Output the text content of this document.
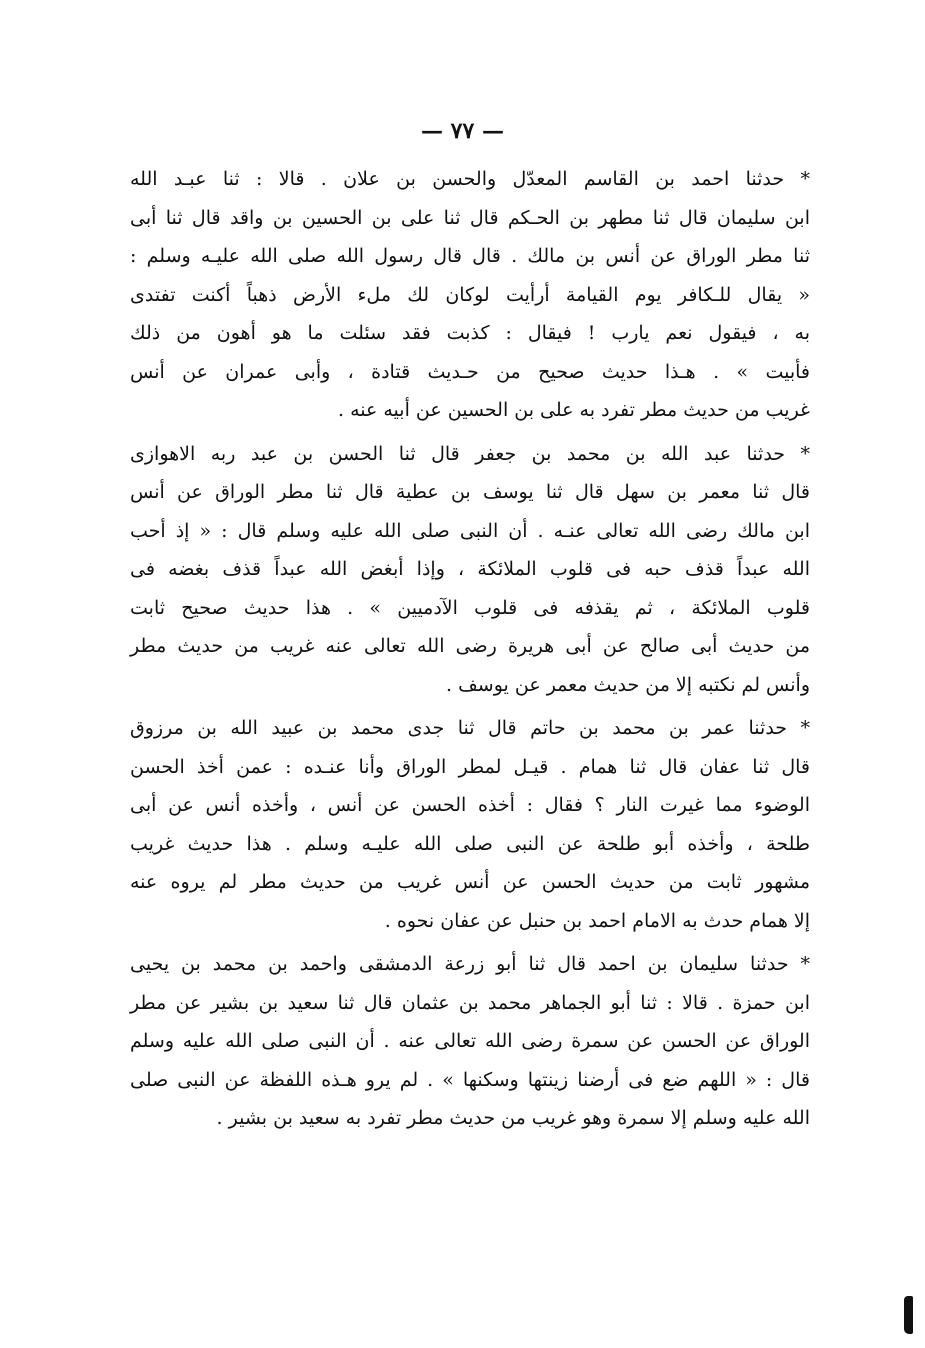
— ٧٧ —
* حدثنا احمد بن القاسم المعدّل والحسن بن علان . قالا : ثنا عبـد الله
ابن سليمان قال ثنا مطهر بن الحـكم قال ثنا على بن الحسين بن واقد قال ثنا أبى
ثنا مطر الوراق عن أنس بن مالك . قال قال رسول الله صلى الله عليـه وسلم :
« يقال للـكافر يوم القيامة أرأيت لوكان لك ملء الأرض ذهباً أكنت تفتدى
به ، فيقول نعم يارب ! فيقال : كذبت فقد سئلت ما هو أهون من ذلك
فأبيت » . هـذا حديث صحيح من حـديث قتادة ، وأبى عمران عن أنس
غريب من حديث مطر تفرد به على بن الحسين عن أبيه عنه .
* حدثنا عبد الله بن محمد بن جعفر قال ثنا الحسن بن عبد ربه الاهوازى
قال ثنا معمر بن سهل قال ثنا يوسف بن عطية قال ثنا مطر الوراق عن أنس
ابن مالك رضى الله تعالى عنـه . أن النبى صلى الله عليه وسلم قال : « إذ أحب
الله عبداً قذف حبه فى قلوب الملائكة ، وإذا أبغض الله عبداً قذف بغضه فى
قلوب الملائكة ، ثم يقذفه فى قلوب الآدميين » . هذا حديث صحيح ثابت
من حديث أبى صالح عن أبى هريرة رضى الله تعالى عنه غريب من حديث مطر
وأنس لم نكتبه إلا من حديث معمر عن يوسف .
* حدثنا عمر بن محمد بن حاتم قال ثنا جدى محمد بن عبيد الله بن مرزوق
قال ثنا عفان قال ثنا همام . قيـل لمطر الوراق وأنا عنـده : عمن أخذ الحسن
الوضوء مما غيرت النار ؟ فقال : أخذه الحسن عن أنس ، وأخذه أنس عن أبى
طلحة ، وأخذه أبو طلحة عن النبى صلى الله عليـه وسلم . هذا حديث غريب
مشهور ثابت من حديث الحسن عن أنس غريب من حديث مطر لم يروه عنه
إلا همام حدث به الامام احمد بن حنبل عن عفان نحوه .
* حدثنا سليمان بن احمد قال ثنا أبو زرعة الدمشقى واحمد بن محمد بن يحيى
ابن حمزة . قالا : ثنا أبو الجماهر محمد بن عثمان قال ثنا سعيد بن بشير عن مطر
الوراق عن الحسن عن سمرة رضى الله تعالى عنه . أن النبى صلى الله عليه وسلم
قال : « اللهم ضع فى أرضنا زينتها وسكنها » . لم يرو هـذه اللفظة عن النبى صلى
الله عليه وسلم إلا سمرة وهو غريب من حديث مطر تفرد به سعيد بن بشير .
